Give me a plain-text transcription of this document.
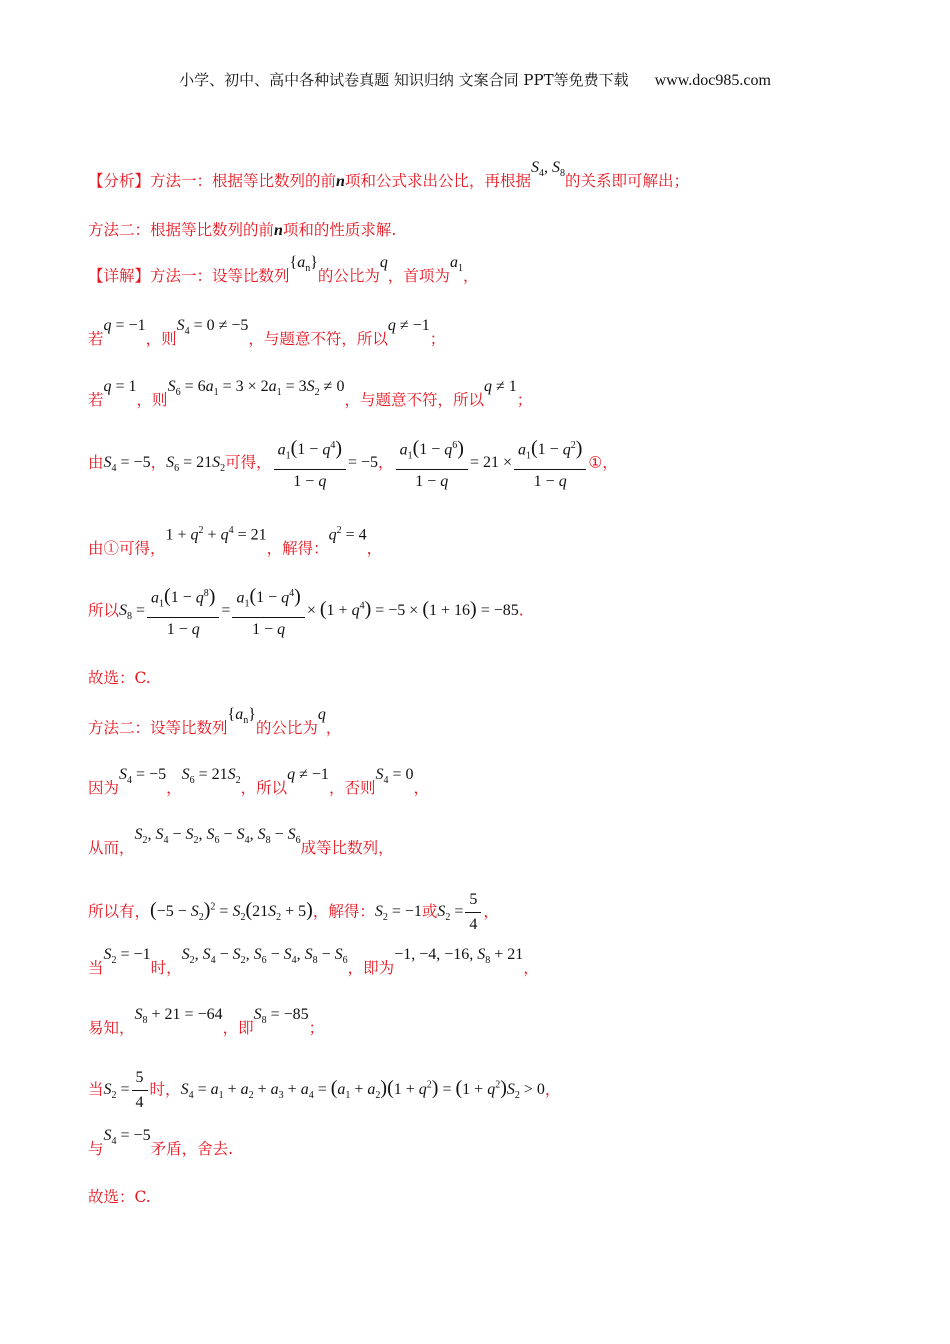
小学、初中、高中各种试卷真题 知识归纳 文案合同 PPT等免费下载 www.doc985.com
【分析】方法一：根据等比数列的前n项和公式求出公比，再根据$S_4$, $S_8$的关系即可解出；
方法二：根据等比数列的前n项和的性质求解.
【详解】方法一：设等比数列$\{a_n\}$的公比为q，首项为$a_1$，
若q = −1，则$S_4 = 0 \ne -5$，与题意不符，所以q ≠ −1；
若q = 1，则$S_6 = 6a_1 = 3 \times 2a_1 = 3S_2 \ne 0$，与题意不符，所以q ≠ 1；
由$S_4 = -5$，$S_6 = 21S_2$可得， $\frac{a_1(1 - q^4)}{1 - q} = -5$， $\frac{a_1(1 - q^6)}{1 - q} = 21 \times \frac{a_1(1 - q^2)}{1 - q}$ ①，
由①可得，$1 + q^2 + q^4 = 21$，解得：$q^2 = 4$，
所以$S_8 = \frac{a_1(1 - q^8)}{1 - q} = \frac{a_1(1 - q^4)}{1 - q} \times (1 + q^4) = -5 \times (1 + 16) = -85$.
故选：C.
方法二：设等比数列$\{a_n\}$的公比为q，
因为$S_4 = -5$，$S_6 = 21S_2$，所以q ≠ −1，否则$S_4 = 0$，
从而，$S_2$, $S_4 - S_2$, $S_6 - S_4$, $S_8 - S_6$成等比数列，
所以有，$(-5 - S_2)^2 = S_2(21S_2 + 5)$，解得：$S_2 = -1$或$S_2 = \frac{5}{4}$ ，
当$S_2 = -1$时，$S_2$, $S_4 - S_2$, $S_6 - S_4$, $S_8 - S_6$，即为−1, −4, −16, $S_8 + 21$，
易知，$S_8 + 21 = -64$，即$S_8 = -85$；
当$S_2 = \frac{5}{4}$ 时，$S_4 = a_1 + a_2 + a_3 + a_4 = (a_1 + a_2)(1 + q^2) = (1 + q^2)S_2 > 0$，
与$S_4 = -5$矛盾，舍去.
故选：C.
